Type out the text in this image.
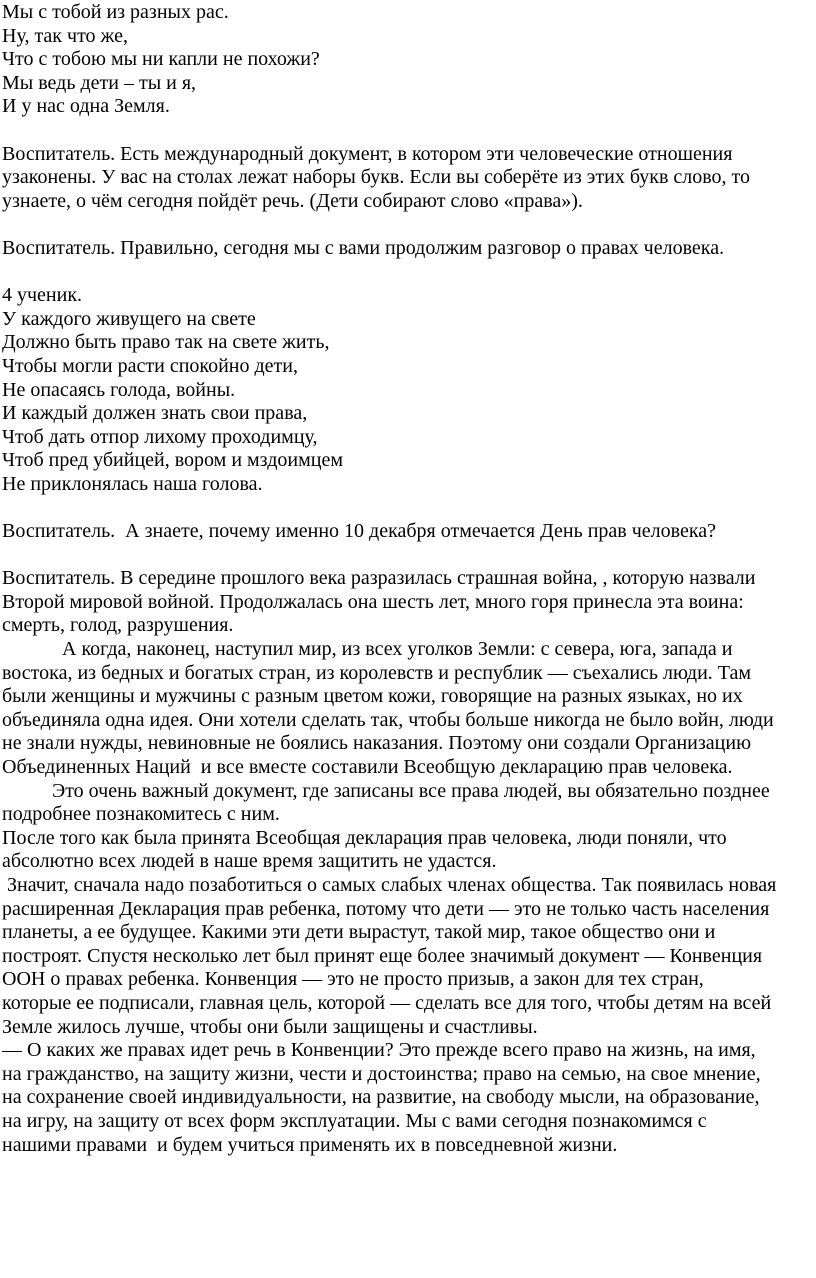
Мы с тобой из разных рас.
Ну, так что же,
Что с тобою мы ни капли не похожи?
Мы ведь дети – ты и я,
И у нас одна Земля.
Воспитатель. Есть международный документ, в котором эти человеческие отношения
узаконены. У вас на столах лежат наборы букв. Если вы соберёте из этих букв слово, то
узнаете, о чём сегодня пойдёт речь. (Дети собирают слово «права»).
Воспитатель. Правильно, сегодня мы с вами продолжим разговор о правах человека.
4 ученик.
У каждого живущего на свете
Должно быть право так на свете жить,
Чтобы могли расти спокойно дети,
Не опасаясь голода, войны.
И каждый должен знать свои права,
Чтоб дать отпор лихому проходимцу,
Чтоб пред убийцей, вором и мздоимцем
Не приклонялась наша голова.
Воспитатель.  А знаете, почему именно 10 декабря отмечается День прав человека?
Воспитатель. В середине прошлого века разразилась страшная война, , которую назвали
Второй мировой войной. Продолжалась она шесть лет, много горя принесла эта воина:
смерть, голод, разрушения.
А когда, наконец, наступил мир, из всех уголков Земли: с севера, юга, запада и
востока, из бедных и богатых стран, из королевств и республик — съехались люди. Там
были женщины и мужчины с разным цветом кожи, говорящие на разных языках, но их
объединяла одна идея. Они хотели сделать так, чтобы больше никогда не было войн, люди
не знали нужды, невиновные не боялись наказания. Поэтому они создали Организацию
Объединенных Наций  и все вместе составили Всеобщую декларацию прав человека.
Это очень важный документ, где записаны все права людей, вы обязательно позднее
подробнее познакомитесь с ним.
После того как была принята Всеобщая декларация прав человека, люди поняли, что
абсолютно всех людей в наше время защитить не удастся.
Значит, сначала надо позаботиться о самых слабых членах общества. Так появилась новая
расширенная Декларация прав ребенка, потому что дети — это не только часть населения
планеты, а ее будущее. Какими эти дети вырастут, такой мир, такое общество они и
построят. Спустя несколько лет был принят еще более значимый документ — Конвенция
ООН о правах ребенка. Конвенция — это не просто призыв, а закон для тех стран,
которые ее подписали, главная цель, которой — сделать все для того, чтобы детям на всей
Земле жилось лучше, чтобы они были защищены и счастливы.
— О каких же правах идет речь в Конвенции? Это прежде всего право на жизнь, на имя,
на гражданство, на защиту жизни, чести и достоинства; право на семью, на свое мнение,
на сохранение своей индивидуальности, на развитие, на свободу мысли, на образование,
на игру, на защиту от всех форм эксплуатации. Мы с вами сегодня познакомимся с
нашими правами  и будем учиться применять их в повседневной жизни.
